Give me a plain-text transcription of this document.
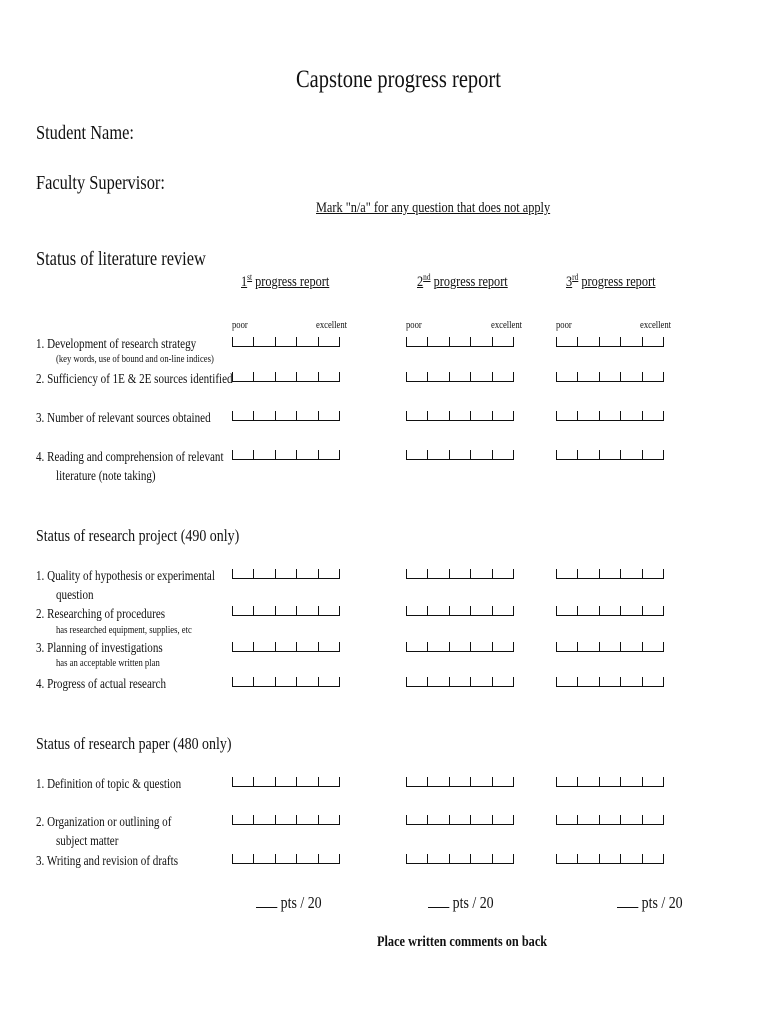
Capstone progress report
Student Name:
Faculty Supervisor:
Mark "n/a" for any question that does not apply
Status of literature review
1st progress report	2nd progress report	3rd progress report
poor	excellent	poor	excellent	poor	excellent
1. Development of research strategy
(key words, use of bound and on-line indices)
2. Sufficiency of 1E & 2E sources identified
3. Number of relevant sources obtained
4. Reading and comprehension of relevant
literature (note taking)
Status of research project (490 only)
1. Quality of hypothesis or experimental
question
2. Researching of procedures
has researched equipment, supplies, etc
3. Planning of investigations
has an acceptable written plan
4. Progress of actual research
Status of research paper (480 only)
1. Definition of topic & question
2. Organization or outlining of
subject matter
3. Writing and revision of drafts
pts / 20	pts / 20	pts / 20
Place written comments on back
